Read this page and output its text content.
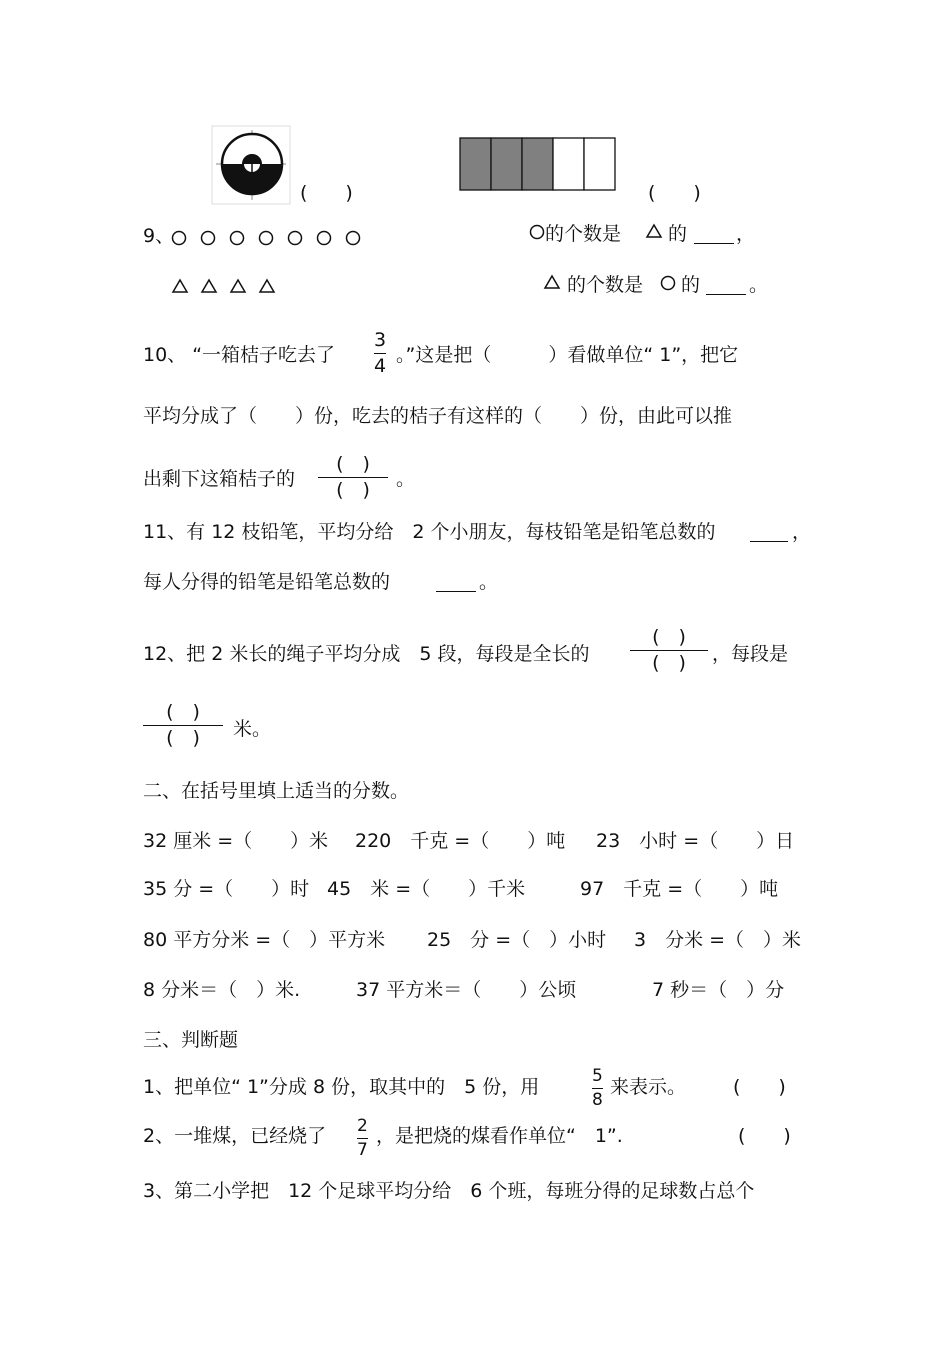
(　　)	(　　)
9、	的个数是 的	，
的个数是 的	。
10、 “一箱桔子吃去了
3
4 。”这是把（　　　）看做单位“ 1”，把它
平均分成了（　　）份，吃去的桔子有这样的（　　）份，由此可以推
出剩下这箱桔子的
(　)
(　) 。
11、有 12 枝铅笔，平均分给　2 个小朋友，每枝铅笔是铅笔总数的	，
每人分得的铅笔是铅笔总数的	。
12、把 2 米长的绳子平均分成　5 段，每段是全长的
(　)
(　) ，每段是
(　)
(　) 米。
二、在括号里填上适当的分数。
32 厘米 =（　　）米 220　千克 =（　　）吨 23　小时 =（　　）日
35 分 =（　　）时 45　米 =（　　）千米	97　千克 =（　　）吨
80 平方分米 =（　）平方米 25　分 =（　）小时 3　分米 =（　）米
8 分米＝（　）米.	37 平方米＝（　　）公顷	7 秒＝（　）分
三、判断题
1、把单位“ 1”分成 8 份，取其中的　5 份，用	5
8
来表示。 (　　)
2、一堆煤，已经烧了 2
7
，是把烧的煤看作单位“　1”.	(　　)
3、第二小学把　12 个足球平均分给　6 个班，每班分得的足球数占总个
